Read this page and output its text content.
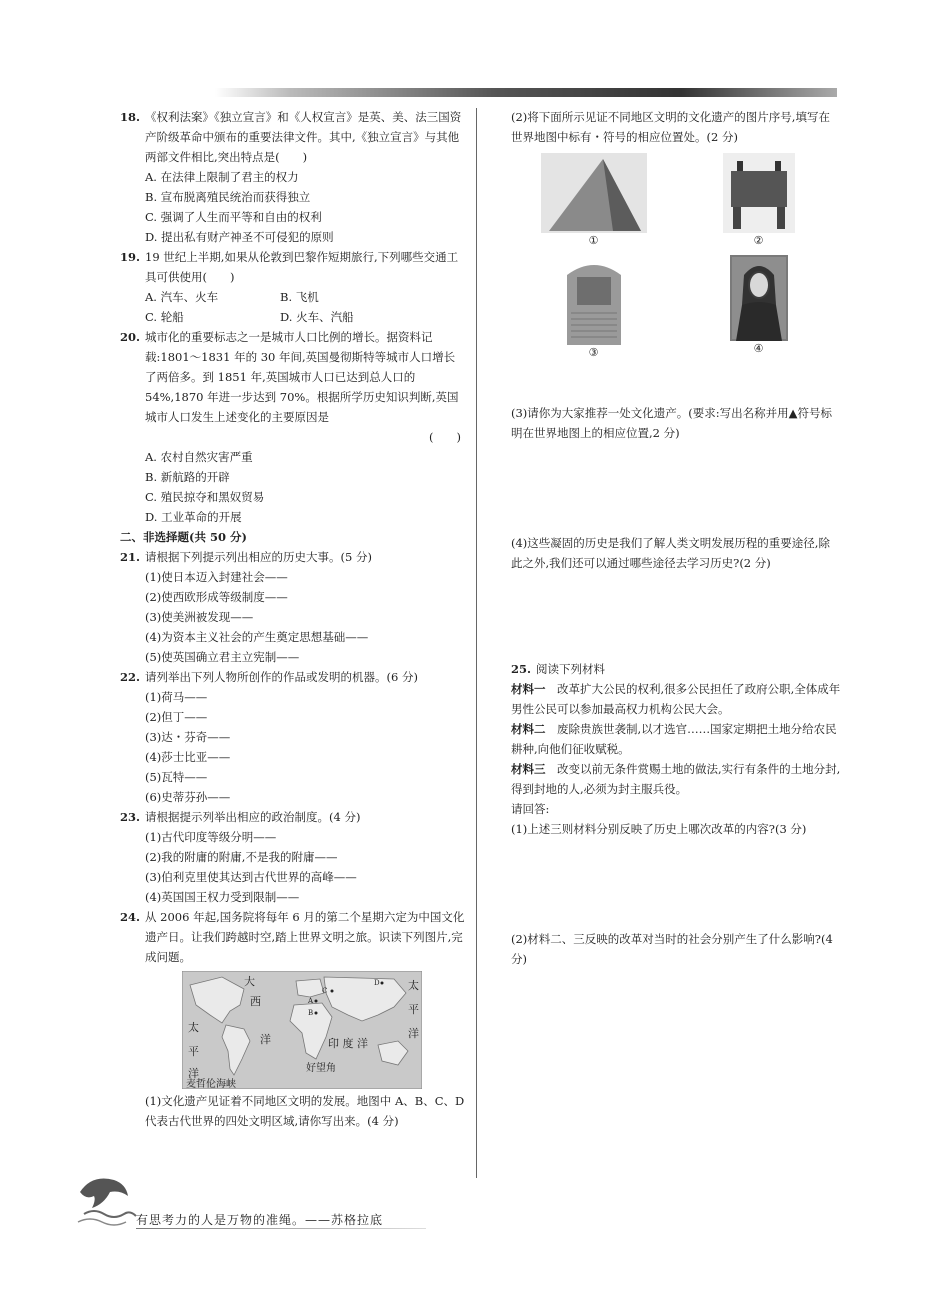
18. 《权利法案》《独立宣言》和《人权宣言》是英、美、法三国资产阶级革命中颁布的重要法律文件。其中,《独立宣言》与其他两部文件相比,突出特点是(　　)
A. 在法律上限制了君主的权力
B. 宣布脱离殖民统治而获得独立
C. 强调了人生而平等和自由的权利
D. 提出私有财产神圣不可侵犯的原则
19. 19 世纪上半期,如果从伦敦到巴黎作短期旅行,下列哪些交通工具可供使用(　　)
A. 汽车、火车	B. 飞机
C. 轮船	D. 火车、汽船
20. 城市化的重要标志之一是城市人口比例的增长。据资料记载:1801～1831 年的 30 年间,英国曼彻斯特等城市人口增长了两倍多。到 1851 年,英国城市人口已达到总人口的 54%,1870 年进一步达到 70%。根据所学历史知识判断,英国城市人口发生上述变化的主要原因是
(　　)
A. 农村自然灾害严重
B. 新航路的开辟
C. 殖民掠夺和黑奴贸易
D. 工业革命的开展
二、非选择题(共 50 分)
21. 请根据下列提示列出相应的历史大事。(5 分)
(1)使日本迈入封建社会——
(2)使西欧形成等级制度——
(3)使美洲被发现——
(4)为资本主义社会的产生奠定思想基础——
(5)使英国确立君主立宪制——
22. 请列举出下列人物所创作的作品或发明的机器。(6 分)
(1)荷马——
(2)但丁——
(3)达・芬奇——
(4)莎士比亚——
(5)瓦特——
(6)史蒂芬孙——
23. 请根据提示列举出相应的政治制度。(4 分)
(1)古代印度等级分明——
(2)我的附庸的附庸,不是我的附庸——
(3)伯利克里使其达到古代世界的高峰——
(4)英国国王权力受到限制——
24. 从 2006 年起,国务院将每年 6 月的第二个星期六定为中国文化遗产日。让我们跨越时空,踏上世界文明之旅。识读下列图片,完成问题。
大
西
洋
太
平
洋
太
平
洋
印 度 洋
好望角
麦哲伦海峡
A
B
C
D
(1)文化遗产见证着不同地区文明的发展。地图中 A、B、C、D 代表古代世界的四处文明区域,请你写出来。(4 分)
(2)将下面所示见证不同地区文明的文化遗产的图片序号,填写在世界地图中标有・符号的相应位置处。(2 分)
①	②
③	④
(3)请你为大家推荐一处文化遗产。(要求:写出名称并用▲符号标明在世界地图上的相应位置,2 分)
(4)这些凝固的历史是我们了解人类文明发展历程的重要途径,除此之外,我们还可以通过哪些途径去学习历史?(2 分)
25. 阅读下列材料
材料一　改革扩大公民的权利,很多公民担任了政府公职,全体成年男性公民可以参加最高权力机构公民大会。
材料二　废除贵族世袭制,以才选官……国家定期把土地分给农民耕种,向他们征收赋税。
材料三　改变以前无条件赏赐土地的做法,实行有条件的土地分封,得到封地的人,必须为封主服兵役。
请回答:
(1)上述三则材料分别反映了历史上哪次改革的内容?(3 分)
(2)材料二、三反映的改革对当时的社会分别产生了什么影响?(4 分)
有思考力的人是万物的准绳。——苏格拉底
